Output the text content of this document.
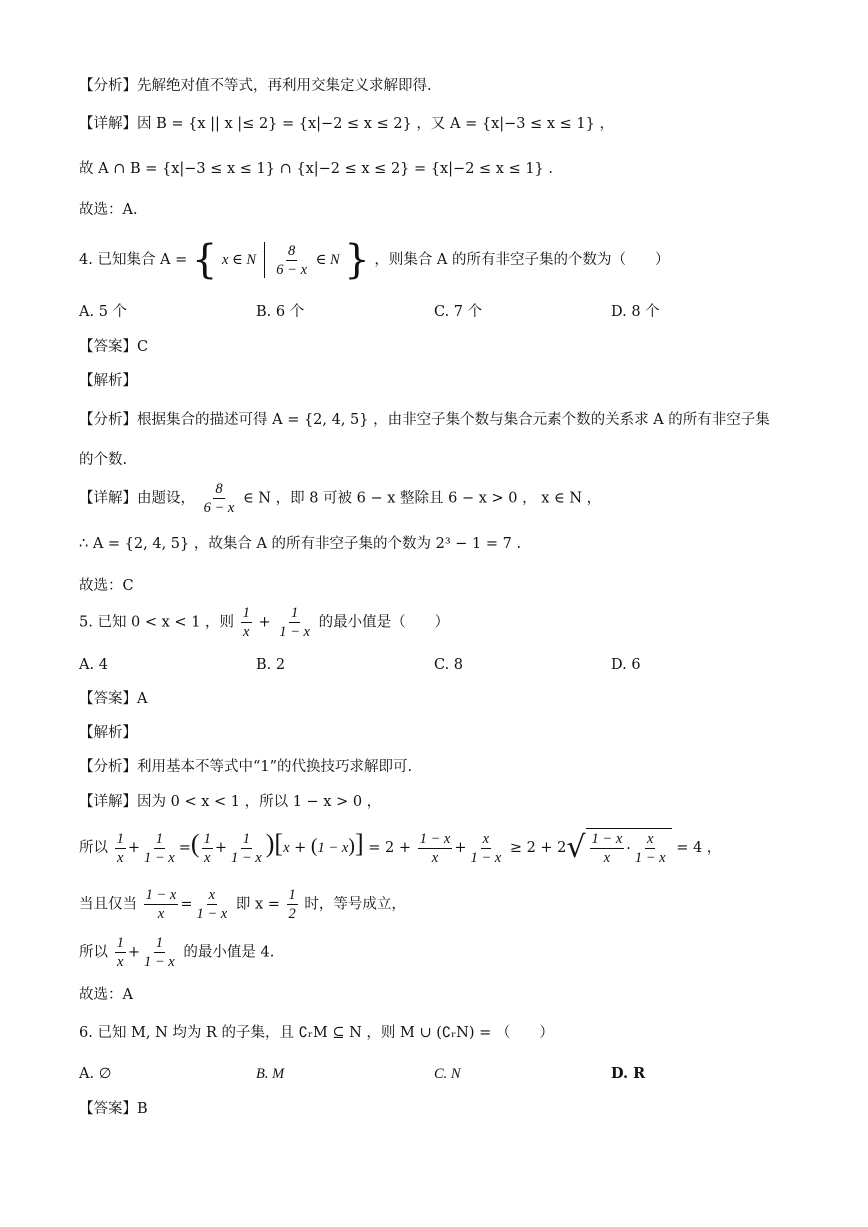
【分析】先解绝对值不等式，再利用交集定义求解即得.
【详解】因 B = {x || x |≤ 2} = {x|−2 ≤ x ≤ 2} ，又 A = {x|−3 ≤ x ≤ 1} ，
故 A ∩ B = {x|−3 ≤ x ≤ 1} ∩ {x|−2 ≤ x ≤ 2} = {x|−2 ≤ x ≤ 1} .
故选：A.
4. 已知集合 A = { x ∈ N $\frac{8}{6 - x}$ ∈ N } ，则集合 A 的所有非空子集的个数为（　　）
A. 5 个	B. 6 个	C. 7 个	D. 8 个
【答案】C
【解析】
【分析】根据集合的描述可得 A = {2, 4, 5} ，由非空子集个数与集合元素个数的关系求 A 的所有非空子集
的个数.
【详解】由题设， $\frac{8}{6 - x}$ ∈ N ，即 8 可被 6 − x 整除且 6 − x > 0 ， x ∈ N ，
∴ A = {2, 4, 5} ，故集合 A 的所有非空子集的个数为 2³ − 1 = 7 .
故选：C
5. 已知 0 < x < 1 ，则 $\frac{1}{x} + \frac{1}{1 - x}$ 的最小值是（　　）
A. 4	B. 2	C. 8	D. 6
【答案】A
【解析】
【分析】利用基本不等式中“1”的代换技巧求解即可.
【详解】因为 0 < x < 1 ，所以 1 − x > 0 ，
所以 $\frac{1}{x} + \frac{1}{1 - x}$ =( $\frac{1}{x} + \frac{1}{1 - x} )[x + (1 - x)] = 2 + \frac{1 - x}{x} + \frac{x}{1 - x} \ge 2 + 2$ √ $\frac{1 - x}{x} \cdot \frac{x}{1 - x} = 4$ ，
当且仅当 $\frac{1 - x}{x} = \frac{x}{1 - x}$ 即 $x = \frac{1}{2}$ 时，等号成立，
所以 $\frac{1}{x} + \frac{1}{1 - x}$ 的最小值是 4.
故选：A
6. 已知 M, N 均为 R 的子集，且 ∁ᵣM ⊆ N ，则 M ∪ (∁ᵣN) = （　　）
A. ∅	B. M	C. N	D. R
【答案】B
